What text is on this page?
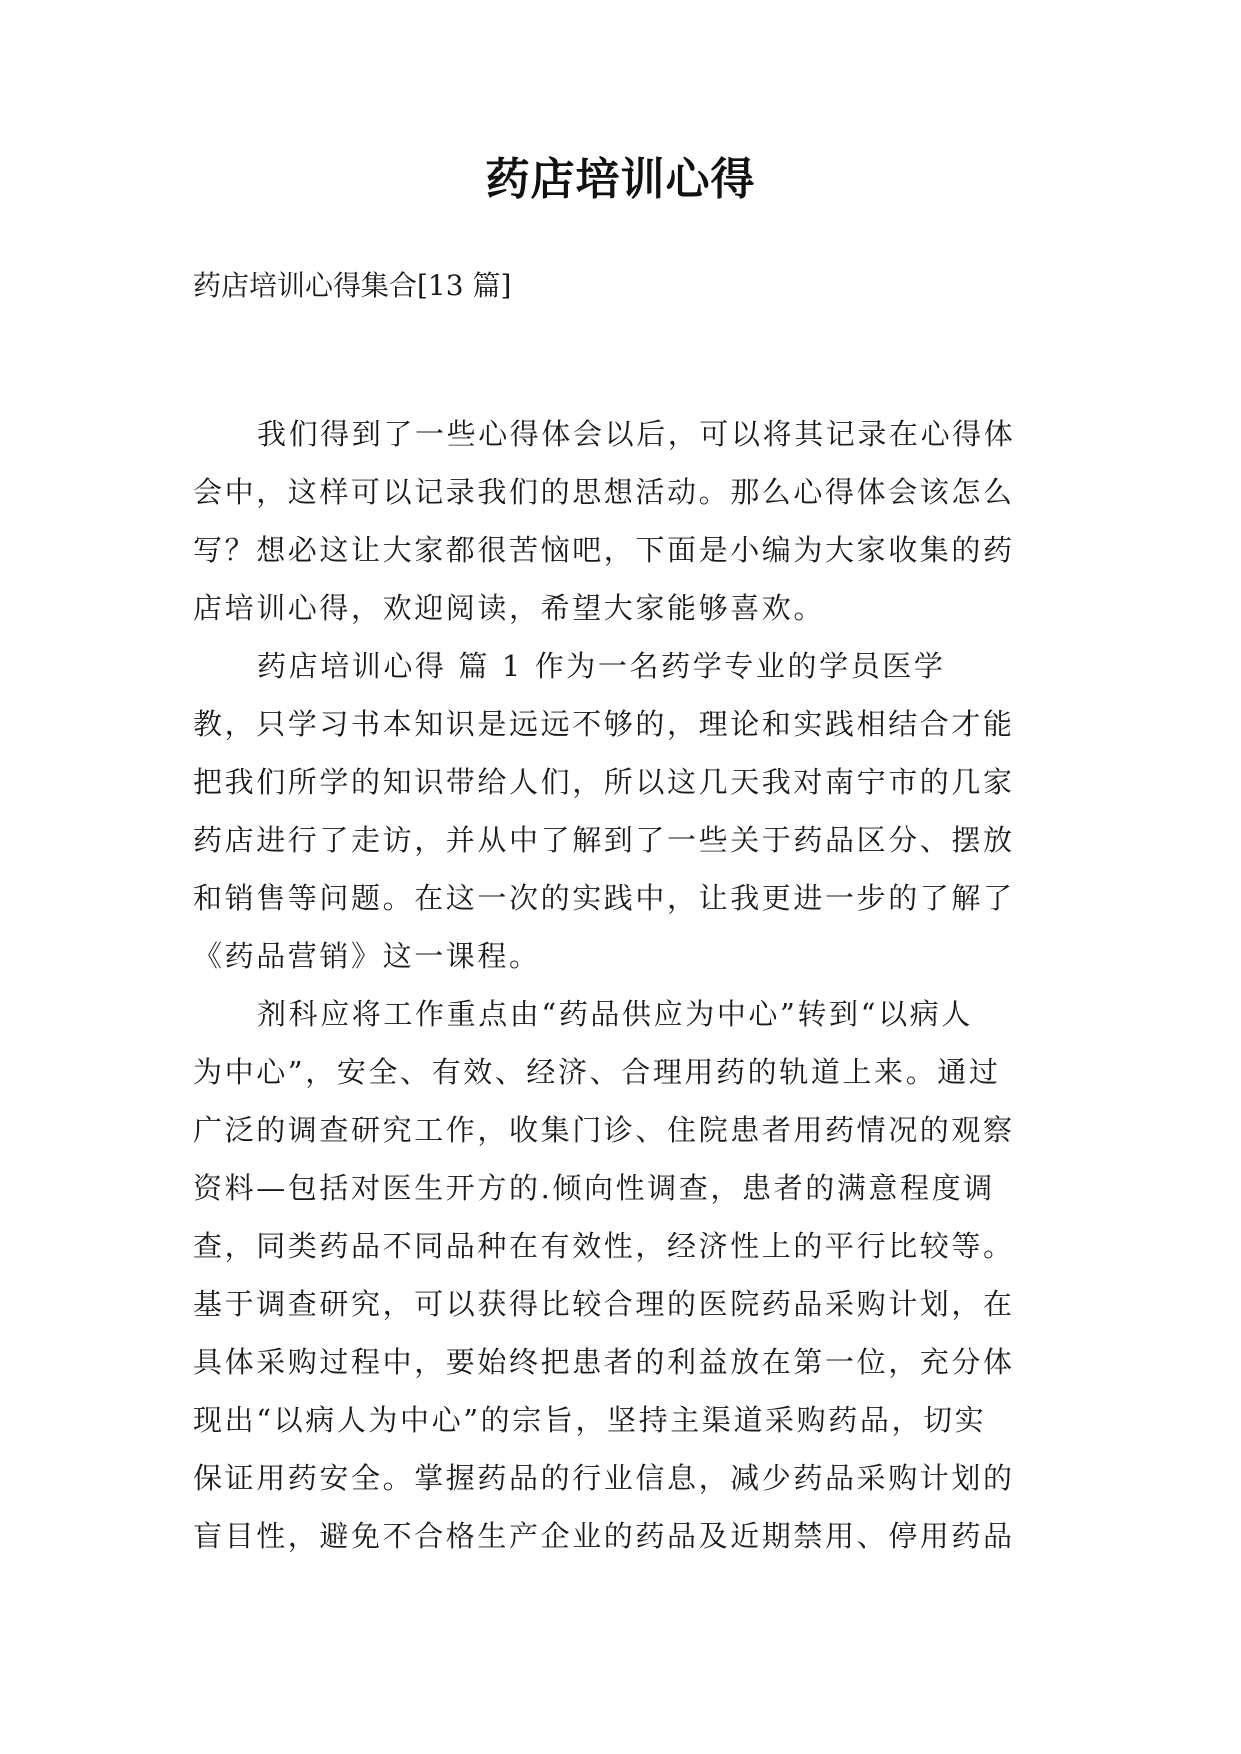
药店培训心得
药店培训心得集合[13 篇]
我们得到了一些心得体会以后，可以将其记录在心得体
会中，这样可以记录我们的思想活动。那么心得体会该怎么
写？想必这让大家都很苦恼吧，下面是小编为大家收集的药
店培训心得，欢迎阅读，希望大家能够喜欢。
药店培训心得 篇 1 作为一名药学专业的学员医学
教，只学习书本知识是远远不够的，理论和实践相结合才能
把我们所学的知识带给人们，所以这几天我对南宁市的几家
药店进行了走访，并从中了解到了一些关于药品区分、摆放
和销售等问题。在这一次的实践中，让我更进一步的了解了
《药品营销》这一课程。
剂科应将工作重点由“药品供应为中心”转到“以病人
为中心”，安全、有效、经济、合理用药的轨道上来。通过
广泛的调查研究工作，收集门诊、住院患者用药情况的观察
资料—包括对医生开方的.倾向性调查，患者的满意程度调
查，同类药品不同品种在有效性，经济性上的平行比较等。
基于调查研究，可以获得比较合理的医院药品采购计划，在
具体采购过程中，要始终把患者的利益放在第一位，充分体
现出“以病人为中心”的宗旨，坚持主渠道采购药品，切实
保证用药安全。掌握药品的行业信息，减少药品采购计划的
盲目性，避免不合格生产企业的药品及近期禁用、停用药品
